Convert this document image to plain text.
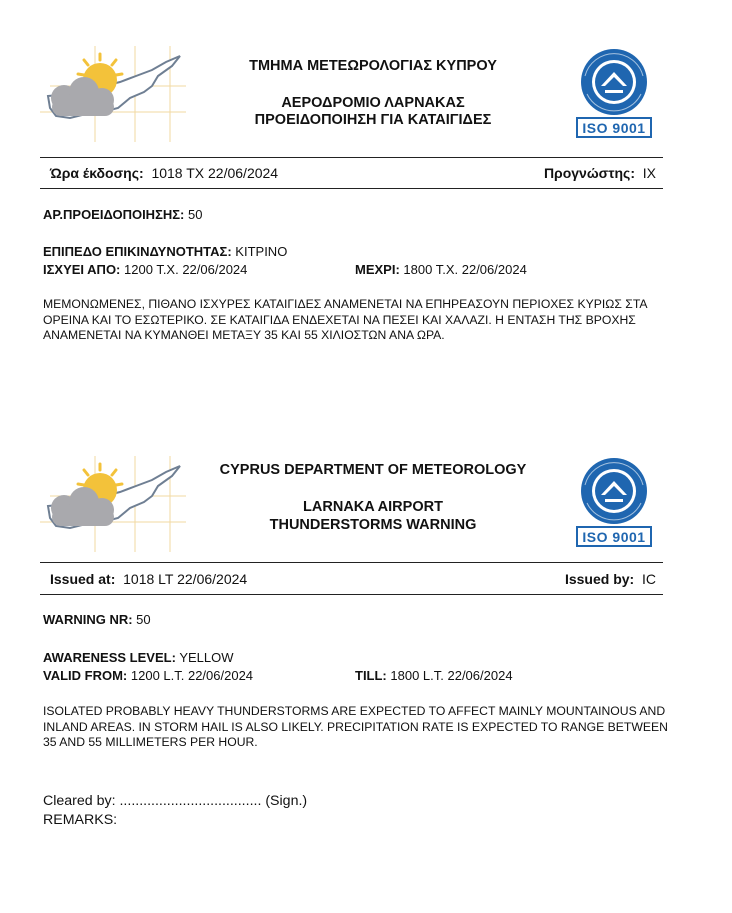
ΤΜΗΜΑ ΜΕΤΕΩΡΟΛΟΓΙΑΣ ΚΥΠΡΟΥ
ΑΕΡΟΔΡΟΜΙΟ ΛΑΡΝΑΚΑΣ
ΠΡΟΕΙΔΟΠΟΙΗΣΗ ΓΙΑ ΚΑΤΑΙΓΙΔΕΣ	ISO 9001
Ώρα έκδοσης: 1018 ΤΧ 22/06/2024	Προγνώστης: IX
ΑΡ.ΠΡΟΕΙΔΟΠΟΙΗΣΗΣ: 50
ΕΠΙΠΕΔΟ ΕΠΙΚΙΝΔΥΝΟΤΗΤΑΣ: ΚΙΤΡΙΝΟ
ΙΣΧΥΕΙ ΑΠΟ: 1200 Τ.Χ. 22/06/2024	ΜΕΧΡΙ: 1800 Τ.Χ. 22/06/2024
ΜΕΜΟΝΩΜΕΝΕΣ, ΠΙΘΑΝΟ ΙΣΧΥΡΕΣ ΚΑΤΑΙΓΙΔΕΣ ΑΝΑΜΕΝΕΤΑΙ ΝΑ ΕΠΗΡΕΑΣΟΥΝ ΠΕΡΙΟΧΕΣ ΚΥΡΙΩΣ ΣΤΑ ΟΡΕΙΝΑ ΚΑΙ ΤΟ ΕΣΩΤΕΡΙΚΟ. ΣΕ ΚΑΤΑΙΓΙΔΑ ΕΝΔΕΧΕΤΑΙ ΝΑ ΠΕΣΕΙ ΚΑΙ ΧΑΛΑΖΙ. Η ΕΝΤΑΣΗ ΤΗΣ ΒΡΟΧΗΣ ΑΝΑΜΕΝΕΤΑΙ ΝΑ ΚΥΜΑΝΘΕΙ ΜΕΤΑΞΥ 35 ΚΑΙ 55 ΧΙΛΙΟΣΤΩΝ ΑΝΑ ΩΡΑ.
CYPRUS DEPARTMENT OF METEOROLOGY
LARNAKA AIRPORT
THUNDERSTORMS WARNING
ISO 9001
Issued at: 1018 LT 22/06/2024	Issued by: IC
WARNING NR: 50
AWARENESS LEVEL: YELLOW
VALID FROM: 1200 L.T. 22/06/2024	TILL: 1800 L.T. 22/06/2024
ISOLATED PROBABLY HEAVY THUNDERSTORMS ARE EXPECTED TO AFFECT MAINLY MOUNTAINOUS AND INLAND AREAS. IN STORM HAIL IS ALSO LIKELY. PRECIPITATION RATE IS EXPECTED TO RANGE BETWEEN 35 AND 55 MILLIMETERS PER HOUR.
Cleared by: .................................... (Sign.)
REMARKS:
